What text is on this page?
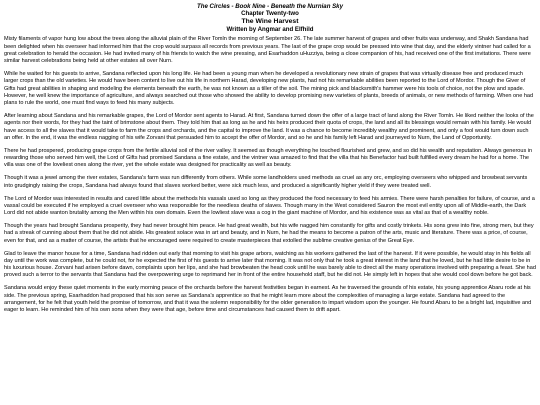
The Circles - Book Nine - Beneath the Nurnian Sky
Chapter Twenty-two
The Wine Harvest
Written by Angmar and Elfhild

Misty filaments of vapor hung low about the trees along the alluvial plain of the River Tomln the morning of September 26. The late summer harvest of grapes and other fruits was underway, and Shakh Sandana had been delighted when his overseer had informed him that the crop would surpass all records from previous years. The last of the grape crop would be pressed into wine that day, and the elderly vintner had called for a great celebration to herald the occasion. He had invited many of his friends to watch the wine pressing, and Esarhaddon uHuzziya, being a close companion of his, had received one of the first invitations. There were similar harvest celebrations being held at other estates all over Nurn.

While he waited for his guests to arrive, Sandana reflected upon his long life. He had been a young man when he developed a revolutionary new strain of grapes that was virtually disease free and produced much larger crops than the old varieties. He would have been content to live out his life in northern Harad, developing new plants, had not his remarkable abilities been reported to the Lord of Mordor. Though the Giver of Gifts had great abilities in shaping and modeling the elements beneath the earth, he was not known as a tiller of the soil. The mining pick and blacksmith's hammer were his tools of choice, not the plow and spade. However, he well knew the importance of agriculture, and always searched out those who showed the ability to develop promising new varieties of plants, breeds of animals, or new methods of farming. When one had plans to rule the world, one must find ways to feed his many subjects.

After learning about Sandana and his remarkable grapes, the Lord of Mordor sent agents to Harad. At first, Sandana turned down the offer of a large tract of land along the River Tomln. He liked neither the looks of the agents nor their words, for they had the taint of brimstone about them. They told him that as long as he and his heirs produced their quota of crops, the land and all its blessings would remain with his family. He would have access to all the slaves that it would take to farm the crops and orchards, and the capital to improve the land. It was a chance to become incredibly wealthy and prominent, and only a fool would turn down such an offer. In the end, it was the endless nagging of his wife Zorvani that persuaded him to accept the offer of Mordor, and so he and his family left Harad and journeyed to Nurn, the Land of Opportunity.

There he had prospered, producing grape crops from the fertile alluvial soil of the river valley. It seemed as though everything he touched flourished and grew, and so did his wealth and reputation. Always generous in rewarding those who served him well, the Lord of Gifts had promised Sandana a fine estate, and the vintner was amazed to find that the villa that his Benefactor had built fulfilled every dream he had for a home. The villa was one of the loveliest ones along the river, yet the whole estate was designed for practicality as well as beauty.

Though it was a jewel among the river estates, Sandana's farm was run differently from others. While some landholders used methods as cruel as any orc, employing overseers who whipped and browbeat servants into grudgingly raising the crops, Sandana had always found that slaves worked better, were sick much less, and produced a significantly higher yield if they were treated well.

The Lord of Mordor was interested in results and cared little about the methods his vassals used so long as they produced the food necessary to feed his armies. There were harsh penalties for failure, of course, and a vassal could be executed if he employed a cruel overseer who was responsible for the needless deaths of slaves. Though many in the West considered Sauron the most evil entity upon all of Middle-earth, the Dark Lord did not abide wanton brutality among the Men within his own domain. Even the lowliest slave was a cog in the giant machine of Mordor, and his existence was as vital as that of a wealthy noble.

Though the years had brought Sandana prosperity, they had never brought him peace. He had great wealth, but his wife nagged him constantly for gifts and costly trinkets. His sons grew into fine, strong men, but they had a streak of cunning about them that he did not abide. His greatest solace was in art and beauty, and in Nurn, he had the means to become a patron of the arts, music and literature. There was a price, of course, even for that, and as a matter of course, the artists that he encouraged were required to create masterpieces that extolled the sublime creative genius of the Great Eye.

Glad to leave the manor house for a time, Sandana had ridden out early that morning to visit his grape arbors, watching as his workers gathered the last of the harvest. If it were possible, he would stay in his fields all day until the work was complete, but he could not, for he expected the first of his guests to arrive later that morning. It was not only that he took a great interest in the land that he loved, but he had little desire to be in his luxurious house. Zorvani had arisen before dawn, complaints upon her lips, and she had browbeaten the head cook until he was barely able to direct all the many operations involved with preparing a feast. She had proved such a terror to the servants that Sandana had the overpowering urge to reprimand her in front of the entire household staff, but he did not. He simply left in hopes that she would cool down before he got back.

Sandana would enjoy these quiet moments in the early morning peace of the orchards before the harvest festivities began in earnest. As he traversed the grounds of his estate, his young apprentice Abaru rode at his side. The previous spring, Esarhaddon had proposed that his son serve as Sandana's apprentice so that he might learn more about the complexities of managing a large estate. Sandana had agreed to the arrangement, for he felt that youth held the promise of tomorrow, and that it was the solemn responsibility for the older generation to impart wisdom upon the younger. He found Abaru to be a bright lad, inquisitive and eager to learn. He reminded him of his own sons when they were that age, before time and circumstances had caused them to drift apart.
